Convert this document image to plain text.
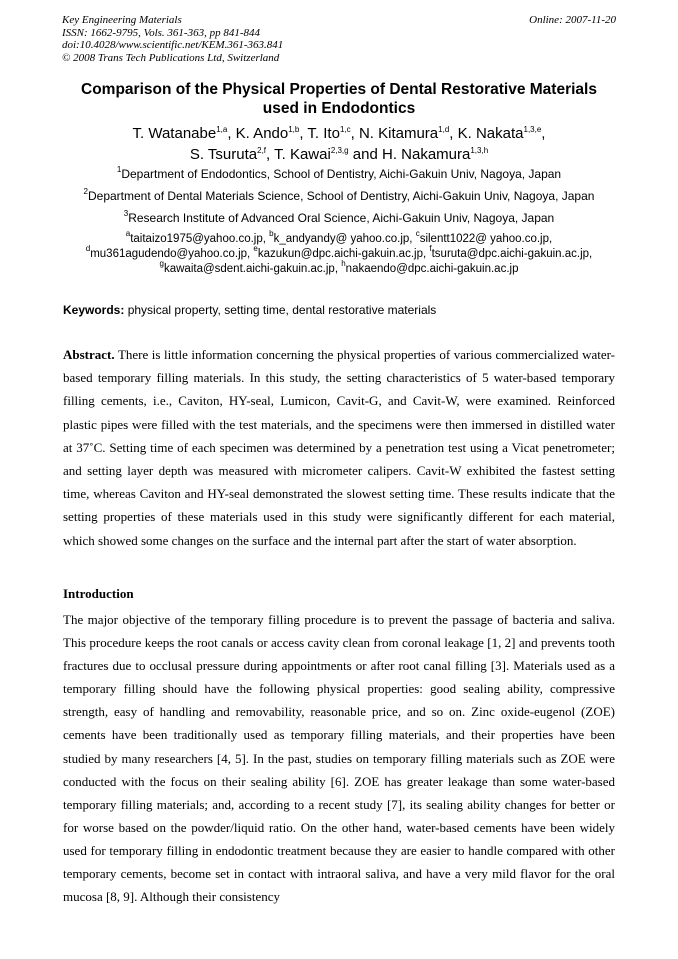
Key Engineering Materials
ISSN: 1662-9795, Vols. 361-363, pp 841-844
doi:10.4028/www.scientific.net/KEM.361-363.841
© 2008 Trans Tech Publications Ltd, Switzerland
Online: 2007-11-20
Comparison of the Physical Properties of Dental Restorative Materials
used in Endodontics
T. Watanabe$^{1,a}$, K. Ando$^{1,b}$, T. Ito$^{1,c}$, N. Kitamura$^{1,d}$, K. Nakata$^{1,3,e}$,
S. Tsuruta$^{2,f}$, T. Kawai$^{2,3,g}$ and H. Nakamura$^{1,3,h}$
$^1$Department of Endodontics, School of Dentistry, Aichi-Gakuin Univ, Nagoya, Japan
$^2$Department of Dental Materials Science, School of Dentistry, Aichi-Gakuin Univ, Nagoya, Japan
$^3$Research Institute of Advanced Oral Science, Aichi-Gakuin Univ, Nagoya, Japan
$^a$taitaizo1975@yahoo.co.jp, $^b$k_andyandy@ yahoo.co.jp, $^c$silentt1022@ yahoo.co.jp,
$^d$mu361agudendo@yahoo.co.jp, $^e$kazukun@dpc.aichi-gakuin.ac.jp, $^f$tsuruta@dpc.aichi-gakuin.ac.jp,
$^g$kawaita@sdent.aichi-gakuin.ac.jp, $^h$nakaendo@dpc.aichi-gakuin.ac.jp
Keywords: physical property, setting time, dental restorative materials
Abstract. There is little information concerning the physical properties of various commercialized water-based temporary filling materials. In this study, the setting characteristics of 5 water-based temporary filling cements, i.e., Caviton, HY-seal, Lumicon, Cavit-G, and Cavit-W, were examined. Reinforced plastic pipes were filled with the test materials, and the specimens were then immersed in distilled water at 37˚C. Setting time of each specimen was determined by a penetration test using a Vicat penetrometer; and setting layer depth was measured with micrometer calipers. Cavit-W exhibited the fastest setting time, whereas Caviton and HY-seal demonstrated the slowest setting time. These results indicate that the setting properties of these materials used in this study were significantly different for each material, which showed some changes on the surface and the internal part after the start of water absorption.
Introduction
The major objective of the temporary filling procedure is to prevent the passage of bacteria and saliva. This procedure keeps the root canals or access cavity clean from coronal leakage [1, 2] and prevents tooth fractures due to occlusal pressure during appointments or after root canal filling [3]. Materials used as a temporary filling should have the following physical properties: good sealing ability, compressive strength, easy of handling and removability, reasonable price, and so on. Zinc oxide-eugenol (ZOE) cements have been traditionally used as temporary filling materials, and their properties have been studied by many researchers [4, 5]. In the past, studies on temporary filling materials such as ZOE were conducted with the focus on their sealing ability [6]. ZOE has greater leakage than some water-based temporary filling materials; and, according to a recent study [7], its sealing ability changes for better or for worse based on the powder/liquid ratio. On the other hand, water-based cements have been widely used for temporary filling in endodontic treatment because they are easier to handle compared with other temporary cements, become set in contact with intraoral saliva, and have a very mild flavor for the oral mucosa [8, 9]. Although their consistency
